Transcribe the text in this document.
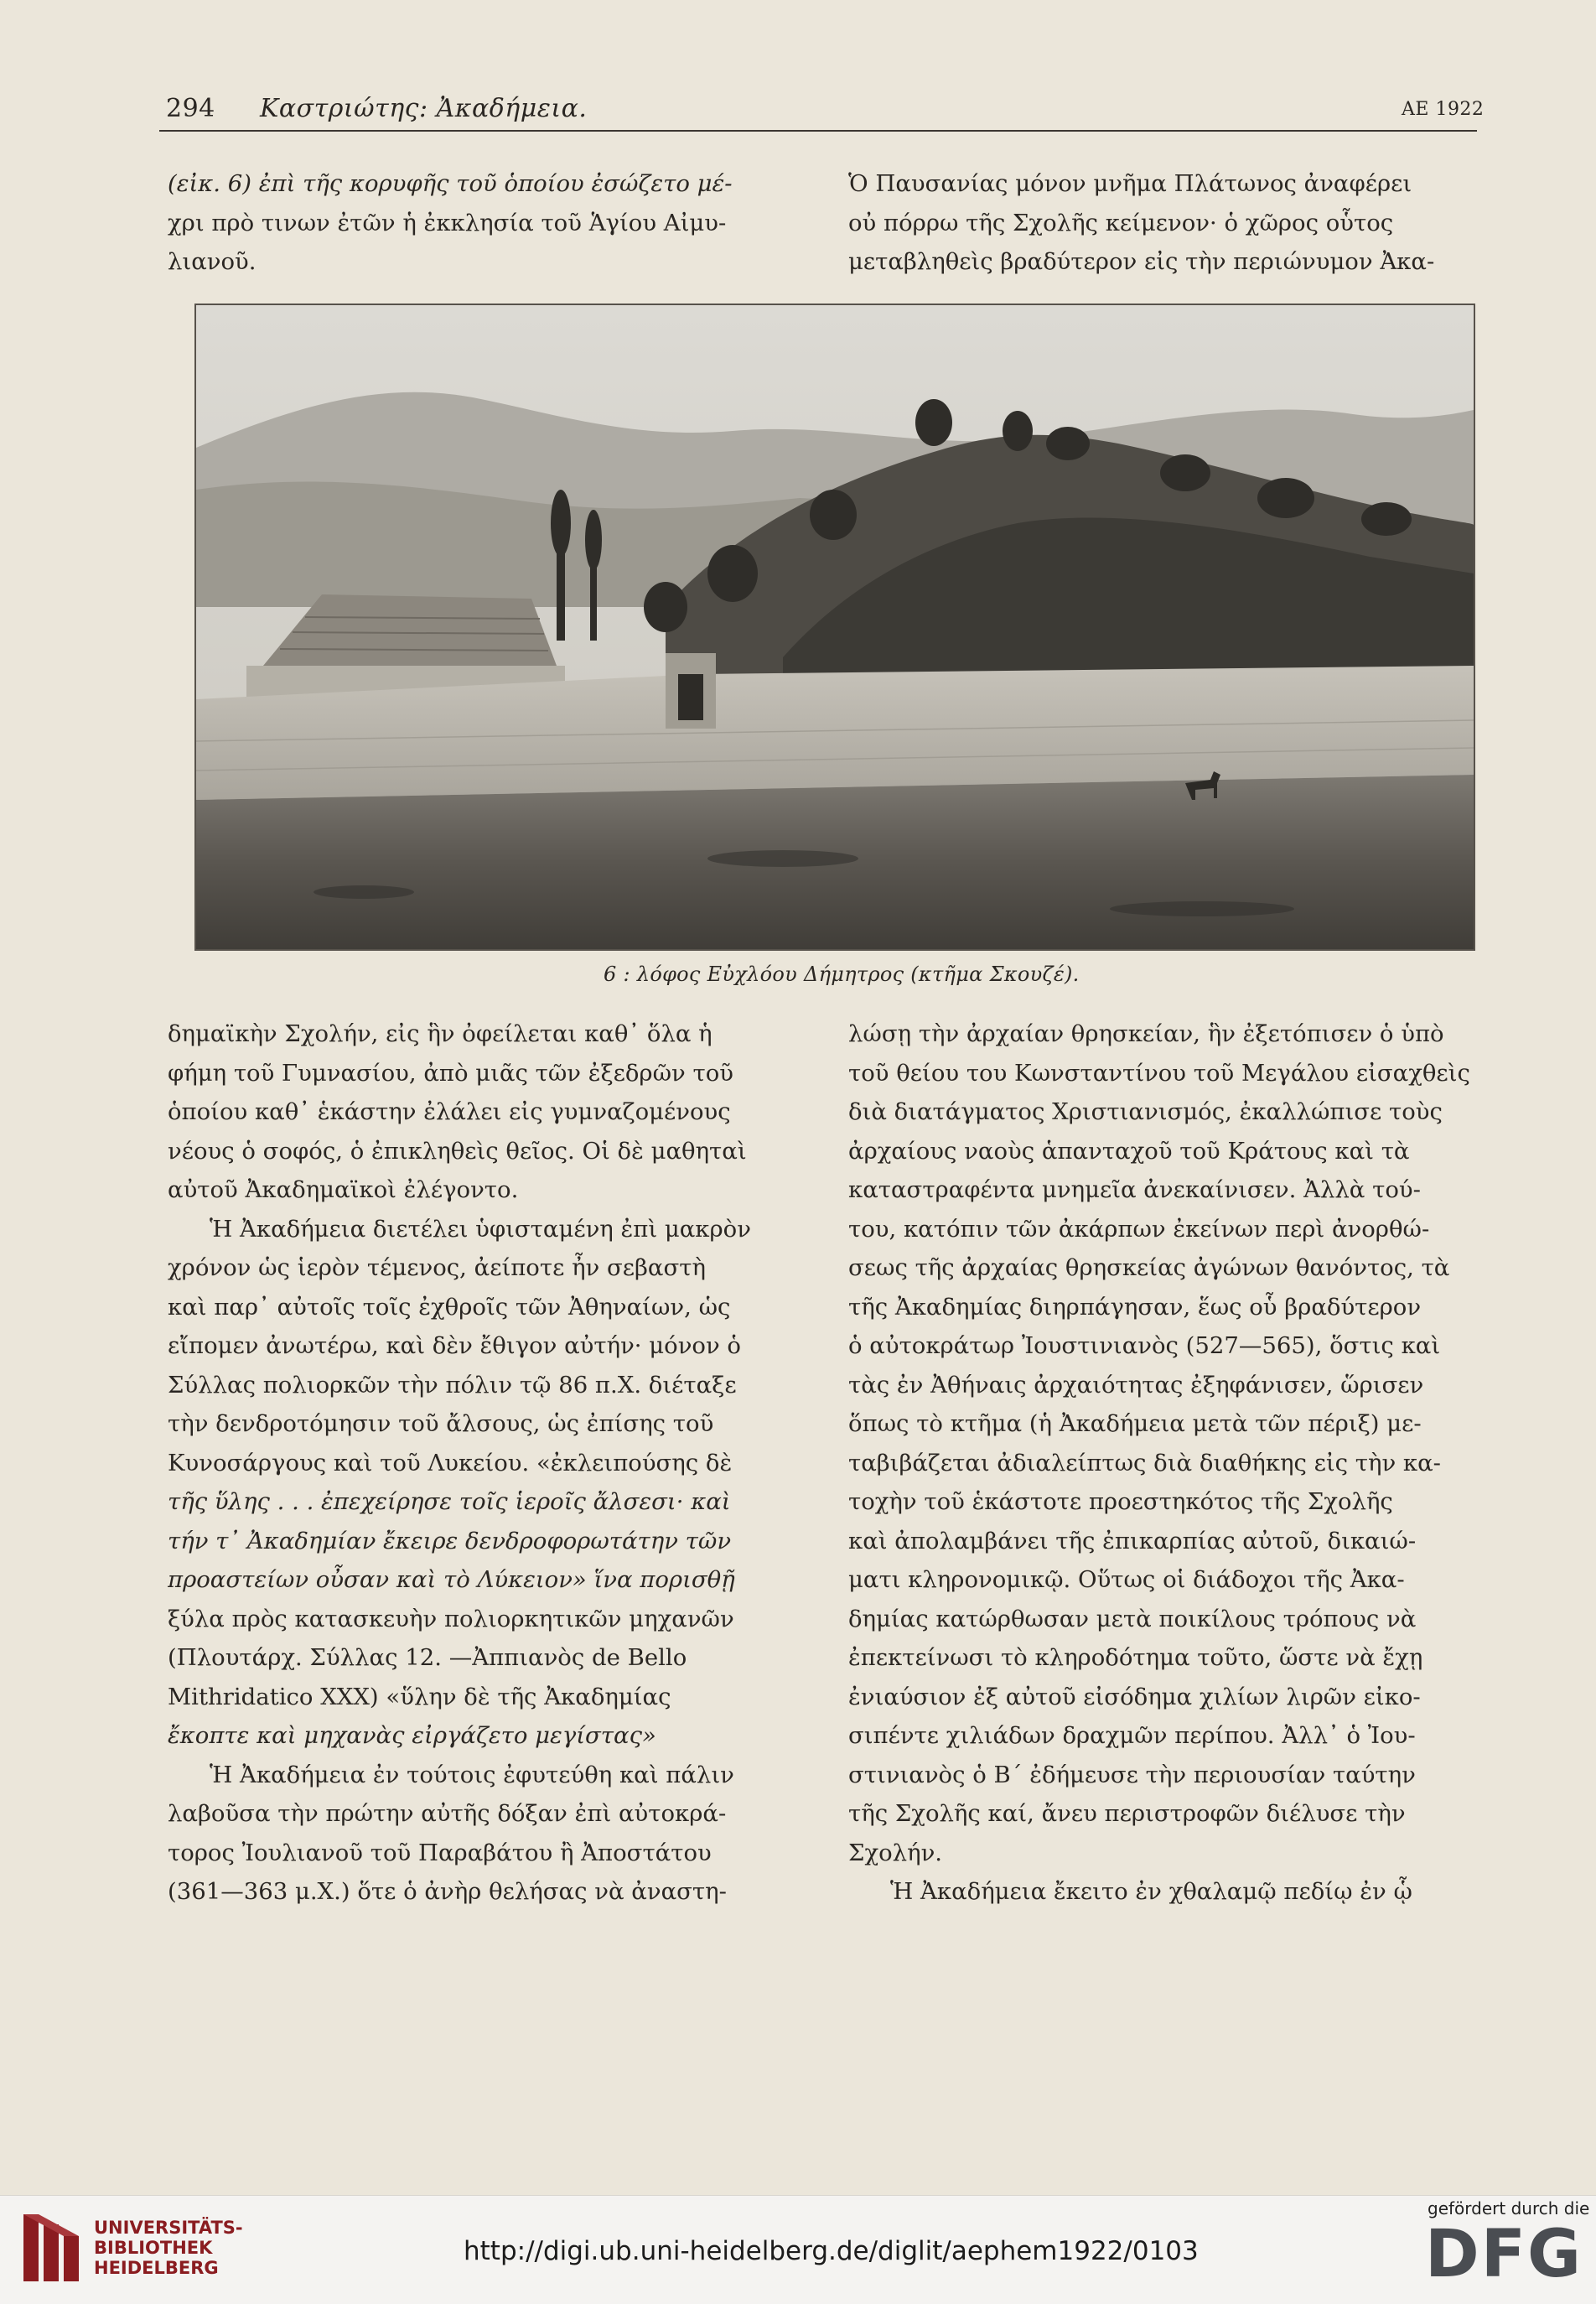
294 Καστριώτης: Ἀκαδήμεια.	ΑΕ 1922
(εἰκ. 6) ἐπὶ τῆς κορυφῆς τοῦ ὁποίου ἐσώζετο μέ-
χρι πρὸ τινων ἐτῶν ἡ ἐκκλησία τοῦ Ἁγίου Αἰμυ-
λιανοῦ.
Ὁ Παυσανίας μόνον μνῆμα Πλάτωνος ἀναφέρει
οὐ πόρρω τῆς Σχολῆς κείμενον· ὁ χῶρος οὗτος
μεταβληθεὶς βραδύτερον εἰς τὴν περιώνυμον Ἀκα-
6 : λόφος Εὐχλόου Δήμητρος (κτῆμα Σκουζέ).
δημαϊκὴν Σχολήν, εἰς ἣν ὀφείλεται καθ᾽ ὅλα ἡ
φήμη τοῦ Γυμνασίου, ἀπὸ μιᾶς τῶν ἐξεδρῶν τοῦ
ὁποίου καθ᾽ ἑκάστην ἐλάλει εἰς γυμναζομένους
νέους ὁ σοφός, ὁ ἐπικληθεὶς θεῖος. Οἱ δὲ μαθηταὶ
αὐτοῦ Ἀκαδημαϊκοὶ ἐλέγοντο.
Ἡ Ἀκαδήμεια διετέλει ὑφισταμένη ἐπὶ μακρὸν
χρόνον ὡς ἱερὸν τέμενος, ἀείποτε ἦν σεβαστὴ
καὶ παρ᾽ αὐτοῖς τοῖς ἐχθροῖς τῶν Ἀθηναίων, ὡς
εἴπομεν ἀνωτέρω, καὶ δὲν ἔθιγον αὐτήν· μόνον ὁ
Σύλλας πολιορκῶν τὴν πόλιν τῷ 86 π.Χ. διέταξε
τὴν δενδροτόμησιν τοῦ ἄλσους, ὡς ἐπίσης τοῦ
Κυνοσάργους καὶ τοῦ Λυκείου. «ἐκλειπούσης δὲ
τῆς ὕλης . . . ἐπεχείρησε τοῖς ἱεροῖς ἄλσεσι· καὶ
τήν τ᾽ Ἀκαδημίαν ἔκειρε δενδροφορωτάτην τῶν
προαστείων οὖσαν καὶ τὸ Λύκειον» ἵνα πορισθῇ
ξύλα πρὸς κατασκευὴν πολιορκητικῶν μηχανῶν
(Πλουτάρχ. Σύλλας 12. —Ἀππιανὸς de Bello
Mithridatico XXX) «ὕλην δὲ τῆς Ἀκαδημίας
ἔκοπτε καὶ μηχανὰς εἰργάζετο μεγίστας»
Ἡ Ἀκαδήμεια ἐν τούτοις ἐφυτεύθη καὶ πάλιν
λαβοῦσα τὴν πρώτην αὐτῆς δόξαν ἐπὶ αὐτοκρά-
τορος Ἰουλιανοῦ τοῦ Παραβάτου ἢ Ἀποστάτου
(361—363 μ.Χ.) ὅτε ὁ ἀνὴρ θελήσας νὰ ἀναστη-
λώσῃ τὴν ἀρχαίαν θρησκείαν, ἣν ἐξετόπισεν ὁ ὑπὸ
τοῦ θείου του Κωνσταντίνου τοῦ Μεγάλου εἰσαχθεὶς
διὰ διατάγματος Χριστιανισμός, ἐκαλλώπισε τοὺς
ἀρχαίους ναοὺς ἁπανταχοῦ τοῦ Κράτους καὶ τὰ
καταστραφέντα μνημεῖα ἀνεκαίνισεν. Ἀλλὰ τού-
του, κατόπιν τῶν ἀκάρπων ἐκείνων περὶ ἀνορθώ-
σεως τῆς ἀρχαίας θρησκείας ἀγώνων θανόντος, τὰ
τῆς Ἀκαδημίας διηρπάγησαν, ἕως οὗ βραδύτερον
ὁ αὐτοκράτωρ Ἰουστινιανὸς (527—565), ὅστις καὶ
τὰς ἐν Ἀθήναις ἀρχαιότητας ἐξηφάνισεν, ὥρισεν
ὅπως τὸ κτῆμα (ἡ Ἀκαδήμεια μετὰ τῶν πέριξ) με-
ταβιβάζεται ἀδιαλείπτως διὰ διαθήκης εἰς τὴν κα-
τοχὴν τοῦ ἑκάστοτε προεστηκότος τῆς Σχολῆς
καὶ ἀπολαμβάνει τῆς ἐπικαρπίας αὐτοῦ, δικαιώ-
ματι κληρονομικῷ. Οὕτως οἱ διάδοχοι τῆς Ἀκα-
δημίας κατώρθωσαν μετὰ ποικίλους τρόπους νὰ
ἐπεκτείνωσι τὸ κληροδότημα τοῦτο, ὥστε νὰ ἔχῃ
ἐνιαύσιον ἐξ αὐτοῦ εἰσόδημα χιλίων λιρῶν εἰκο-
σιπέντε χιλιάδων δραχμῶν περίπου. Ἀλλ᾽ ὁ Ἰου-
στινιανὸς ὁ Β´ ἐδήμευσε τὴν περιουσίαν ταύτην
τῆς Σχολῆς καί, ἄνευ περιστροφῶν διέλυσε τὴν
Σχολήν.
Ἡ Ἀκαδήμεια ἔκειτο ἐν χθαλαμῷ πεδίῳ ἐν ᾧ
UNIVERSITÄTS-
BIBLIOTHEK
HEIDELBERG
http://digi.ub.uni-heidelberg.de/diglit/aephem1922/0103
gefördert durch die
DFG
